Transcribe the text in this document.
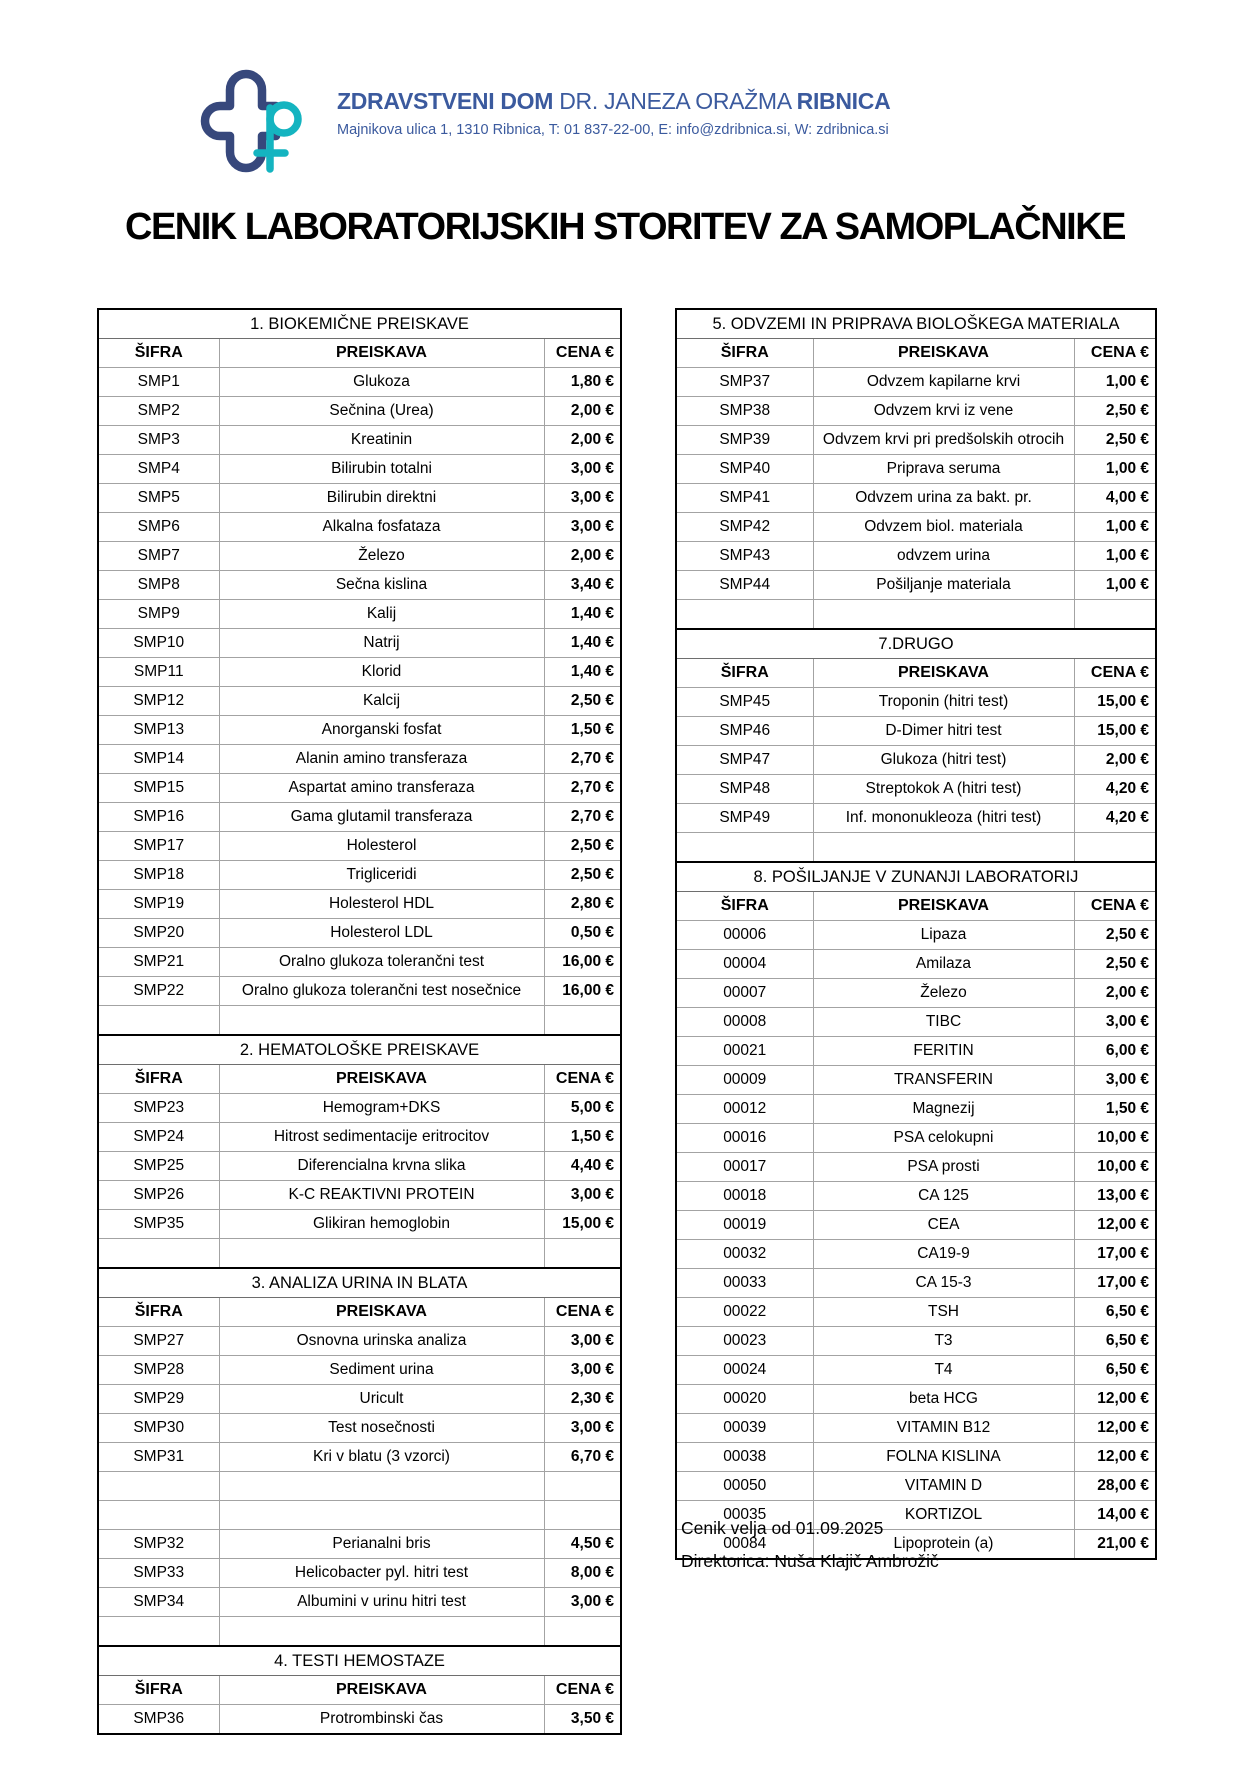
ZDRAVSTVENI DOM DR. JANEZA ORAŽMA RIBNICA
Majnikova ulica 1, 1310 Ribnica, T: 01 837-22-00, E: info@zdribnica.si, W: zdribnica.si
CENIK LABORATORIJSKIH STORITEV ZA SAMOPLAČNIKE
1. BIOKEMIČNE PREISKAVE		
ŠIFRA	PREISKAVA	CENA €
SMP1	Glukoza	1,80 €
SMP2	Sečnina (Urea)	2,00 €
SMP3	Kreatinin	2,00 €
SMP4	Bilirubin totalni	3,00 €
SMP5	Bilirubin direktni	3,00 €
SMP6	Alkalna fosfataza	3,00 €
SMP7	Železo	2,00 €
SMP8	Sečna kislina	3,40 €
SMP9	Kalij	1,40 €
SMP10	Natrij	1,40 €
SMP11	Klorid	1,40 €
SMP12	Kalcij	2,50 €
SMP13	Anorganski fosfat	1,50 €
SMP14	Alanin amino transferaza	2,70 €
SMP15	Aspartat amino transferaza	2,70 €
SMP16	Gama glutamil transferaza	2,70 €
SMP17	Holesterol	2,50 €
SMP18	Trigliceridi	2,50 €
SMP19	Holesterol HDL	2,80 €
SMP20	Holesterol LDL	0,50 €
SMP21	Oralno glukoza tolerančni test	16,00 €
SMP22	Oralno glukoza tolerančni test nosečnice	16,00 €

2. HEMATOLOŠKE PREISKAVE		
ŠIFRA	PREISKAVA	CENA €
SMP23	Hemogram+DKS	5,00 €
SMP24	Hitrost sedimentacije eritrocitov	1,50 €
SMP25	Diferencialna krvna slika	4,40 €
SMP26	K-C REAKTIVNI PROTEIN	3,00 €
SMP35	Glikiran hemoglobin	15,00 €

3. ANALIZA URINA IN BLATA		
ŠIFRA	PREISKAVA	CENA €
SMP27	Osnovna urinska analiza	3,00 €
SMP28	Sediment urina	3,00 €
SMP29	Uricult	2,30 €
SMP30	Test nosečnosti	3,00 €
SMP31	Kri v blatu (3 vzorci)	6,70 €

SMP32	Perianalni bris	4,50 €
SMP33	Helicobacter pyl. hitri test	8,00 €
SMP34	Albumini v urinu hitri test	3,00 €

4. TESTI HEMOSTAZE		
ŠIFRA	PREISKAVA	CENA €
SMP36	Protrombinski čas	3,50 €
5. ODVZEMI IN PRIPRAVA BIOLOŠKEGA MATERIALA		
ŠIFRA	PREISKAVA	CENA €
SMP37	Odvzem kapilarne krvi	1,00 €
SMP38	Odvzem krvi iz vene	2,50 €
SMP39	Odvzem krvi pri predšolskih otrocih	2,50 €
SMP40	Priprava seruma	1,00 €
SMP41	Odvzem urina za bakt. pr.	4,00 €
SMP42	Odvzem biol. materiala	1,00 €
SMP43	odvzem urina	1,00 €
SMP44	Pošiljanje materiala	1,00 €

7.DRUGO		
ŠIFRA	PREISKAVA	CENA €
SMP45	Troponin (hitri test)	15,00 €
SMP46	D-Dimer hitri test	15,00 €
SMP47	Glukoza (hitri test)	2,00 €
SMP48	Streptokok A (hitri test)	4,20 €
SMP49	Inf. mononukleoza (hitri test)	4,20 €

8. POŠILJANJE V ZUNANJI LABORATORIJ		
ŠIFRA	PREISKAVA	CENA €
00006	Lipaza	2,50 €
00004	Amilaza	2,50 €
00007	Železo	2,00 €
00008	TIBC	3,00 €
00021	FERITIN	6,00 €
00009	TRANSFERIN	3,00 €
00012	Magnezij	1,50 €
00016	PSA celokupni	10,00 €
00017	PSA prosti	10,00 €
00018	CA 125	13,00 €
00019	CEA	12,00 €
00032	CA19-9	17,00 €
00033	CA 15-3	17,00 €
00022	TSH	6,50 €
00023	T3	6,50 €
00024	T4	6,50 €
00020	beta HCG	12,00 €
00039	VITAMIN B12	12,00 €
00038	FOLNA KISLINA	12,00 €
00050	VITAMIN D	28,00 €
00035	KORTIZOL	14,00 €
00084	Lipoprotein (a)	21,00 €
Cenik velja od 01.09.2025
Direktorica: Nuša Klajič Ambrožič
